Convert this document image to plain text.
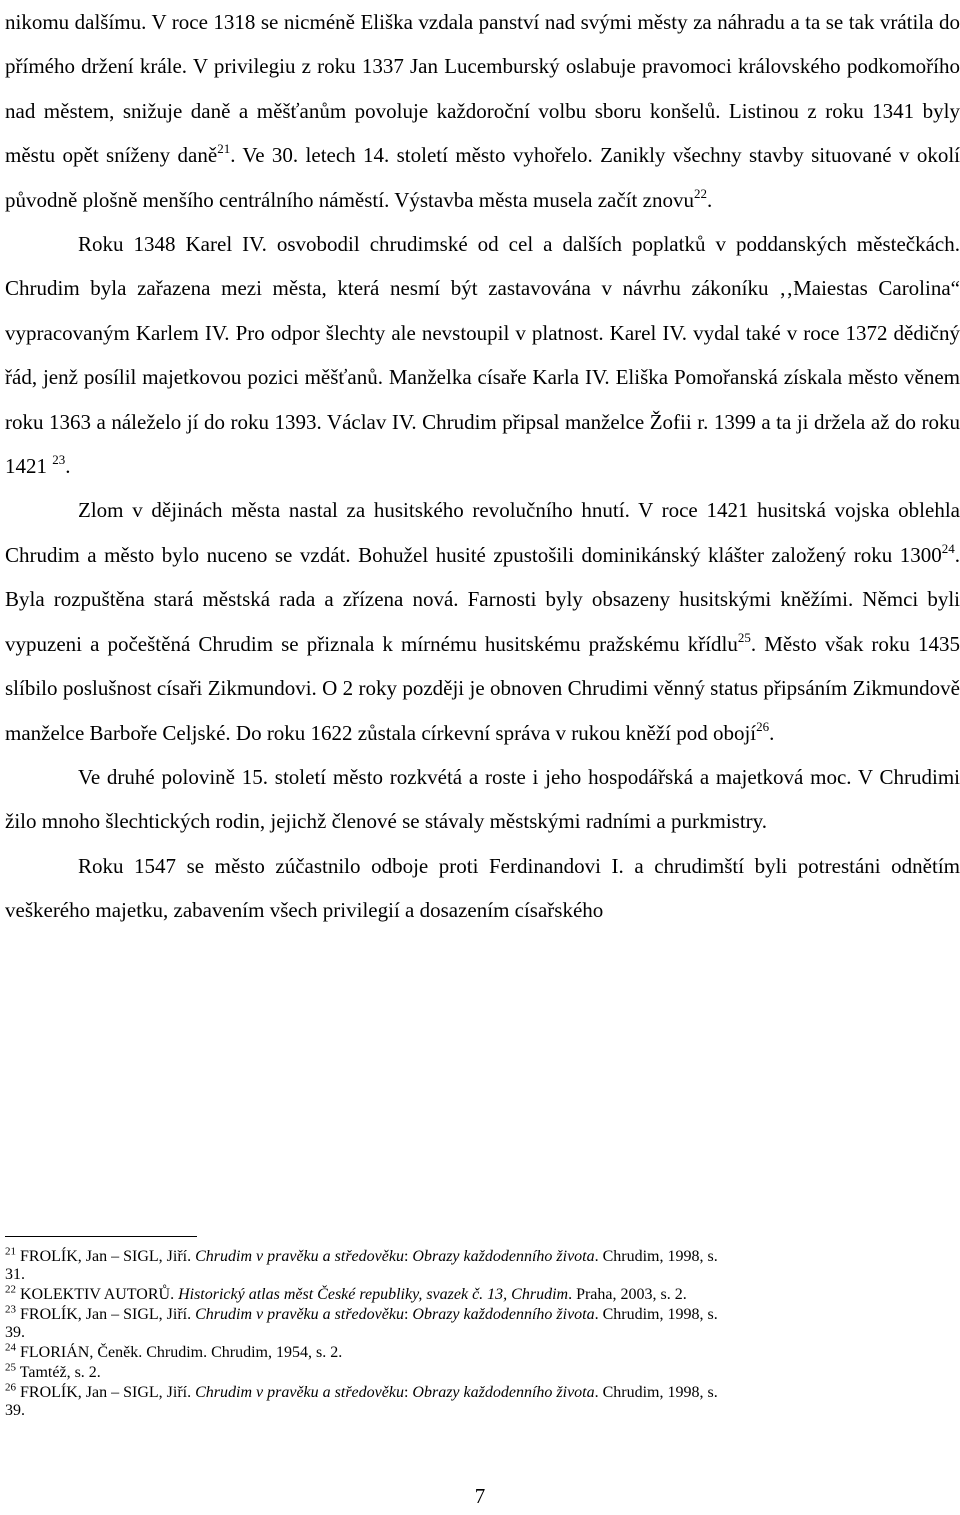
nikomu dalšímu. V roce 1318 se nicméně Eliška vzdala panství nad svými městy za náhradu a ta se tak vrátila do přímého držení krále. V privilegiu z roku 1337 Jan Lucemburský oslabuje pravomoci královského podkomořího nad městem, snižuje daně a měšťanům povoluje každoroční volbu sboru konšelů. Listinou z roku 1341 byly městu opět sníženy daně$^{21}$. Ve 30. letech 14. století město vyhořelo. Zanikly všechny stavby situované v okolí původně plošně menšího centrálního náměstí. Výstavba města musela začít znovu$^{22}$.

Roku 1348 Karel IV. osvobodil chrudimské od cel a dalších poplatků v poddanských městečkách. Chrudim byla zařazena mezi města, která nesmí být zastavována v návrhu zákoníku ‚‚Maiestas Carolina“ vypracovaným Karlem IV. Pro odpor šlechty ale nevstoupil v platnost. Karel IV. vydal také v roce 1372 dědičný řád, jenž posílil majetkovou pozici měšťanů. Manželka císaře Karla IV. Eliška Pomořanská získala město věnem roku 1363 a náleželo jí do roku 1393. Václav IV. Chrudim připsal manželce Žofii r. 1399 a ta ji držela až do roku 1421 $^{23}$.

Zlom v dějinách města nastal za husitského revolučního hnutí. V roce 1421 husitská vojska oblehla Chrudim a město bylo nuceno se vzdát. Bohužel husité zpustošili dominikánský klášter založený roku 1300$^{24}$. Byla rozpuštěna stará městská rada a zřízena nová. Farnosti byly obsazeny husitskými kněžími. Němci byli vypuzeni a počeštěná Chrudim se přiznala k mírnému husitskému pražskému křídlu$^{25}$. Město však roku 1435 slíbilo poslušnost císaři Zikmundovi. O 2 roky později je obnoven Chrudimi věnný status připsáním Zikmundově manželce Barboře Celjské. Do roku 1622 zůstala církevní správa v rukou kněží pod obojí$^{26}$.

Ve druhé polovině 15. století město rozkvétá a roste i jeho hospodářská a majetková moc. V Chrudimi žilo mnoho šlechtických rodin, jejichž členové se stávaly městskými radními a purkmistry.

Roku 1547 se město zúčastnilo odboje proti Ferdinandovi I. a chrudimští byli potrestáni odnětím veškerého majetku, zabavením všech privilegií a dosazením císařského

$^{21}$ FROLÍK, Jan – SIGL, Jiří. Chrudim v pravěku a středověku: Obrazy každodenního života. Chrudim, 1998, s.
31.
$^{22}$ KOLEKTIV AUTORŮ. Historický atlas měst České republiky, svazek č. 13, Chrudim. Praha, 2003, s. 2.
$^{23}$ FROLÍK, Jan – SIGL, Jiří. Chrudim v pravěku a středověku: Obrazy každodenního života. Chrudim, 1998, s.
39.
$^{24}$ FLORIÁN, Čeněk. Chrudim. Chrudim, 1954, s. 2.
$^{25}$ Tamtéž, s. 2.
$^{26}$ FROLÍK, Jan – SIGL, Jiří. Chrudim v pravěku a středověku: Obrazy každodenního života. Chrudim, 1998, s.
39.
7
